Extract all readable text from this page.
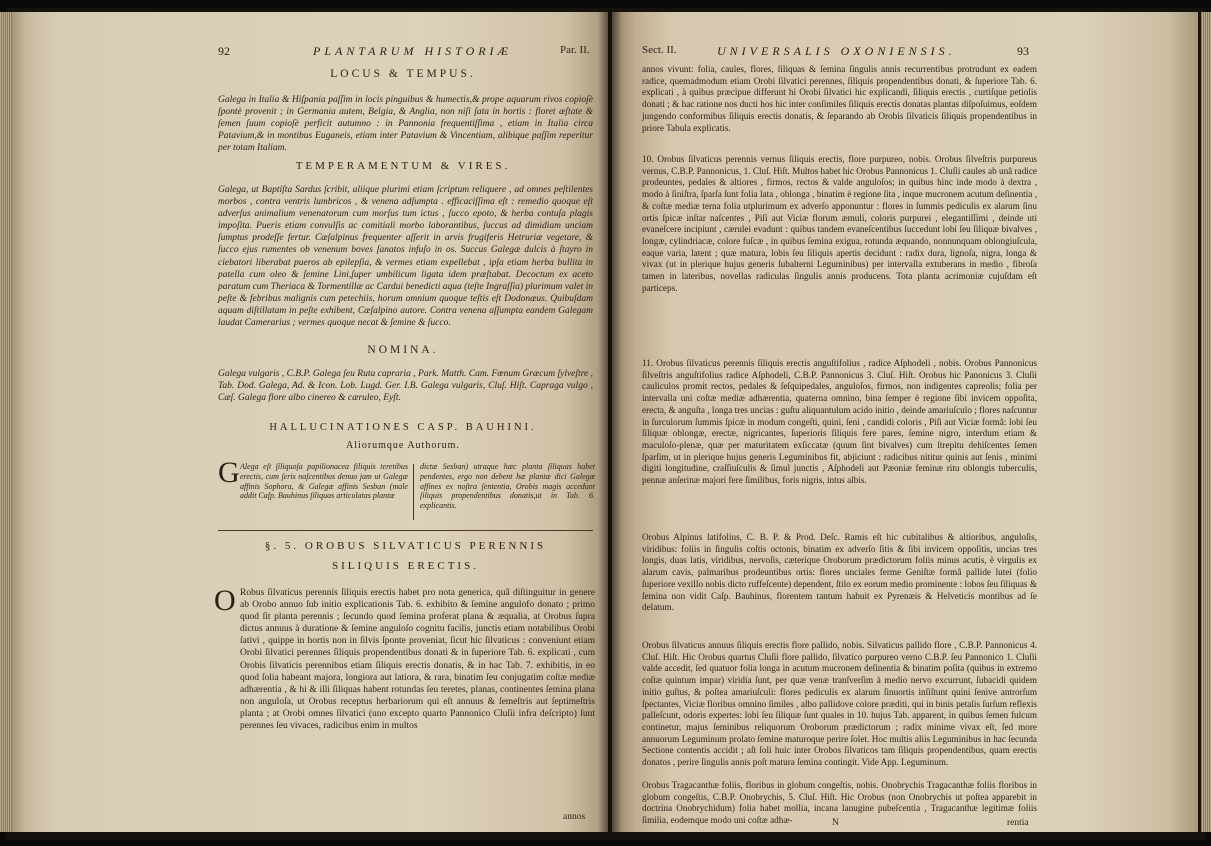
92	PLANTARUM HISTORIÆ	Par. II.
LOCUS & TEMPUS.

Galega in Italia & Hiſpania paſſim in locis pinguibus & humectis,& prope aquarum rivos copioſè ſpontè provenit ; in Germania autem, Belgia, & Anglia, non niſi ſata in hortis : floret æſtate & ſemen ſuum copioſè perficit autumno : in Pannonia frequentiſſima , etiam in Italia circa Patavium,& in montibus Euganeis, etiam inter Patavium & Vincentiam, alibique paſſim reperitur per totam Italiam.

TEMPERAMENTUM & VIRES.

Galega, ut Baptiſta Sardus ſcribit, aliique plurimi etiam ſcriptum reliquere , ad omnes peſtilentes morbos , contra ventris lumbricos , & venena adſumpta . efficaciſſima eſt : remedio quoque eſt adverſus animalium venenatorum cum morſus tum ictus , ſucco epoto, & herba contuſa plagis impoſita. Pueris etiam convulſis ac comitiali morbo laborantibus, ſuccus ad dimidiam unciam ſumptus prodeſſe fertur. Cæſalpinus frequenter aſſerit in arvis frugiferis Hetruriæ vegetare, & ſucco ejus rumentes ob venenum boves ſanatos infuſo in os. Succus Galegæ dulcis à ſtayro in ciebatori liberabat pueros ab epilepſia, & vermes etiam expellebat , ipſa etiam herba bullita in patella cum oleo & ſemine Lini,ſuper umbilicum ligata idem præſtabat. Decoctum ex aceto paratum cum Theriaca & Tormentillæ ac Cardui benedicti aqua (teſte Ingraſſia) plurimum valet in peſte & febribus malignis cum petechiis, horum omnium quoque teſtis eſt Dodonæus. Quibuſdam aquam diſtillatam in peſte exhibent, Cæſalpino autore. Contra venena aſſumpta eandem Galegam laudat Camerarius ; vermes quoque necat & ſemine & ſucco.

NOMINA.

Galega vulgaris , C.B.P. Galega ſeu Ruta capraria , Park. Matth. Cam. Fœnum Græcum ſylveſtre , Tab. Dod. Galega, Ad. & Icon. Lob. Lugd. Ger. I.B. Galega vulgaris, Cluſ. Hiſt. Capraga vulgo , Cæſ. Galega flore albo cinereo & cæruleo, Eyſt.

HALLUCINATIONES CASP. BAUHINI.
Aliorumque Authorum.
G Alega eſt ſiliquoſa papilionacea filiquis teretibus erectis, cum ſeris naſcentibus denuo jam ut Galegæ affinis Sophora, & Galegæ affinis Sesban (male addit Caſp. Bauhinus ſiliquas articulatas plantæ

dictæ Sesban) utraque hæc planta ſiliquas habet pendentes, ergo non debent hæ plantæ dici Galegæ affines ex noſtra ſententia, Orobis magis accedunt ſiliquis propendentibus donatis,ut in Tab. 6. explicantis.

§. 5. OROBUS SILVATICUS PERENNIS
SILIQUIS ERECTIS.
O Robus ſilvaticus perennis ſiliquis erectis habet pro nota generica, quâ diſtinguitur in genere ab Orobo annuo ſub initio explicationis Tab. 6. exhibito & ſemine angulofo donato ; primo quod ſit planta perennis ; ſecundo quod ſemina proferat plana & æqualia, at Orobus ſupra dictus annuus à duratione & ſemine anguloſo cognitu facilis, junctis etiam notabilibus Orobi ſativi , quippe in hortis non in ſilvis ſponte proveniat, ſicut hic ſilvaticus : conveniunt etiam Orobi ſilvatici perennes ſiliquis propendentibus donati & in ſuperiore Tab. 6. explicati , cum Orobis ſilvaticis perennibus etiam ſiliquis erectis donatis, & in hac Tab. 7. exhibitis, in eo quod ſolia habeant majora, longiora aut latiora, & rara, binatim ſeu conjugatim coſtæ mediæ adhærentia , & hi & illi ſiliquas habent rotundas ſeu teretes, planas, continentes ſemina plana non anguloſa, ut Orobus receptus herbariorum qui eſt annuus & ſemeſtris aut ſeptimeſtris planta ; at Orobi omnes ſilvatici (uno excepto quarto Pannonico Cluſii infra deſcripto) ſunt perennes ſeu vivaces, radicibus enim in multos

annos
Sect. II.	UNIVERSALIS OXONIENSIS.	93

annos vivunt: folia, caules, flores, ſiliquas & ſemina ſingulis annis recurrentibus protrudunt ex eadem radice, quemadmodum etiam Orobi ſilvatici perennes, ſiliquis propendentibus donati, & ſuperiore Tab. 6. explicati , à quibus præcipue differunt hi Orobi ſilvatici hic explicandi, ſiliquis erectis , curtiſque petiolis donati ; & hac ratione nos ducti hos hic inter conſimiles ſiliquis erectis donatas plantas diſpoſuimus, eoſdem jungendo conformibus ſiliquis erectis donatis, & ſeparando ab Orobis ſilvaticis ſiliquis propendentibus in priore Tabula explicatis.

10. Orobus ſilvaticus perennis vernus ſiliquis erectis, flore purpureo, nobis. Orobus ſilveſtris purpureus vernus, C.B.P. Pannonicus, 1. Cluſ. Hiſt. Multos habet hic Orobus Pannonicus 1. Cluſii caules ab unâ radice prodeuntes, pedales & altiores , firmos, rectos & valde anguloſos; in quibus hinc inde modo à dextra , modo à ſiniſtra, ſparſa ſunt folia lata , oblonga , binatim è regione ſita , inque mucronem acutum deſinentia , & coſtæ mediæ terna folia utplurimum ex adverſo apponuntur : flores in ſummis pediculis ex alarum ſinu ortis ſpicæ inſtar naſcentes , Piſi aut Viciæ florum æmuli, coloris purpurei , elegantiſſimi , deinde uti evaneſcere incipiunt , cærulei evadunt : quibus tandem evaneſcentibus ſuccedunt lobi ſeu ſiliquæ bivalves , longæ, cylindriacæ, colore fuſcæ , in quibus ſemina exigua, rotunda æquando, nonnunquam oblongiuſcula, eaque varia, latent ; quæ matura, lobis ſeu ſiliquis apertis decidunt : radix dura, lignoſa, nigra, longa & vivax (ut in plerique hujus generis ſubalterni Leguminibus) per intervalla extuberans in medio , fibroſa tamen in lateribus, novellas radiculas ſingulis annis producens. Tota planta acrimoniæ cujuſdam eſt particeps.

11. Orobus ſilvaticus perennis ſiliquis erectis anguſtifolius , radice Aſphodeli , nobis. Orobus Pannonicus ſilveſtris anguſtifolius radice Aſphodeli, C.B.P. Pannonicus 3. Cluſ. Hiſt. Orobus hic Panonicus 3. Cluſii cauliculos promit rectos, pedales & ſeſquipedales, anguloſos, firmos, non indigentes capreolis; folia per intervalla uni coſtæ mediæ adhærentia, quaterna omnino, bina ſemper è regione ſibi invicem oppoſita, erecta, & anguſta , longa tres uncias : guſtu aliquantulum acido initio , deinde amariuſculo ; flores naſcuntur in ſurculorum ſummis ſpicæ in modum congeſti, quini, ſeni , candidi coloris , Piſi aut Viciæ formâ: lobi ſeu ſiliquæ oblongæ, erectæ, nigricantes, ſuperioris ſiliquis fere pares, ſemine nigro, interdum etiam & maculoſo-plenæ, quæ per maturitatem exſiccatæ (quum ſint bivalves) cum ſtrepitu dehiſcentes ſemen ſparſim, ut in plerique hujus generis Leguminibus fit, abjiciunt : radicibus nititur quinis aut ſenis , minimi digiti longitudine, craſſiuſculis & ſimul junctis , Aſphodeli aut Pæoniæ feminæ ritu oblongis tuberculis, pennæ anſerinæ majori fere ſimilibus, foris nigris, intus albis.

Orobus Alpinus latifolius, C. B. P. & Prod. Deſc. Ramis eſt hic cubitalibus & altioribus, anguloſis, viridibus: foliis in ſingulis coſtis octonis, binatim ex adverſo ſitis & ſibi invicem oppoſitis, uncias tres longis, duas latis, viridibus, nervoſis, cæterique Oroborum prædictorum foliis minus acutis, è virgulis ex alarum cavis, palmaribus prodeuntibus ortis: flores unciales ferme Geniſtæ formâ pallide lutei (folio ſuperiore vexillo nobis dicto ruffeſcente) dependent, ſtilo ex eorum medio prominente : lobos ſeu ſiliquas & ſemina non vidit Caſp. Bauhinus, florentem tantum habuit ex Pyrenæis & Helveticis montibus ad ſe delatum.

Orobus ſilvaticus annuus ſiliquis erectis flore pallido, nobis. Silvaticus pallido flore , C.B.P. Pannonicus 4. Cluſ. Hiſt. Hic Orobus quartus Cluſii flore pallido, ſilvatico purpureo verno C.B.P. ſeu Pannonico 1. Cluſii valde accedit, ſed quatuor folia longa in acutum mucronem deſinentia & binatim poſita (quibus in extremo coſtæ quintum impar) viridia ſunt, per quæ venæ tranſverſim à medio nervo excurrunt, ſubacidi quidem initio guſtus, & poſtea amariuſculi: flores pediculis ex alarum ſinuortis inſiſtunt quini ſenive antrorſum ſpectantes, Viciæ floribus omnino ſimiles , albo pallidove colore præditi, qui in binis petalis ſurſum reflexis palleſcunt, odoris expertes: lobi ſeu ſiliquæ ſunt quales in 10. hujus Tab. apparent, in quibus ſemen fulcum continetur, majus ſeminibus reliquorum Oroborum prædictorum ; radix minime vivax eſt, ſed more annuorum Leguminum prolato ſemine maturoque perire ſolet. Hoc multis aliis Leguminibus in hac ſecunda Sectione contentis accidit ; aſt ſoli huic inter Orobos ſilvaticos tam ſiliquis propendentibus, quam erectis donatos , perire ſingulis annis poſt matura ſemina contingit. Vide App. Leguminum.

Orobus Tragacanthæ foliis, floribus in globum congeſtis, nobis. Onobrychis Tragacanthæ foliis floribus in globum congeſtis, C.B.P. Onobrychis, 5. Cluſ. Hiſt. Hic Orobus (non Onobrychis ut poſtea apparebit in doctrina Onobrychidum) folia habet mollia, incana lanugine pubeſcentia , Tragacanthæ legitimæ foliis ſimilia, eodemque modo uni coſtæ adhæ-	N	rentia
